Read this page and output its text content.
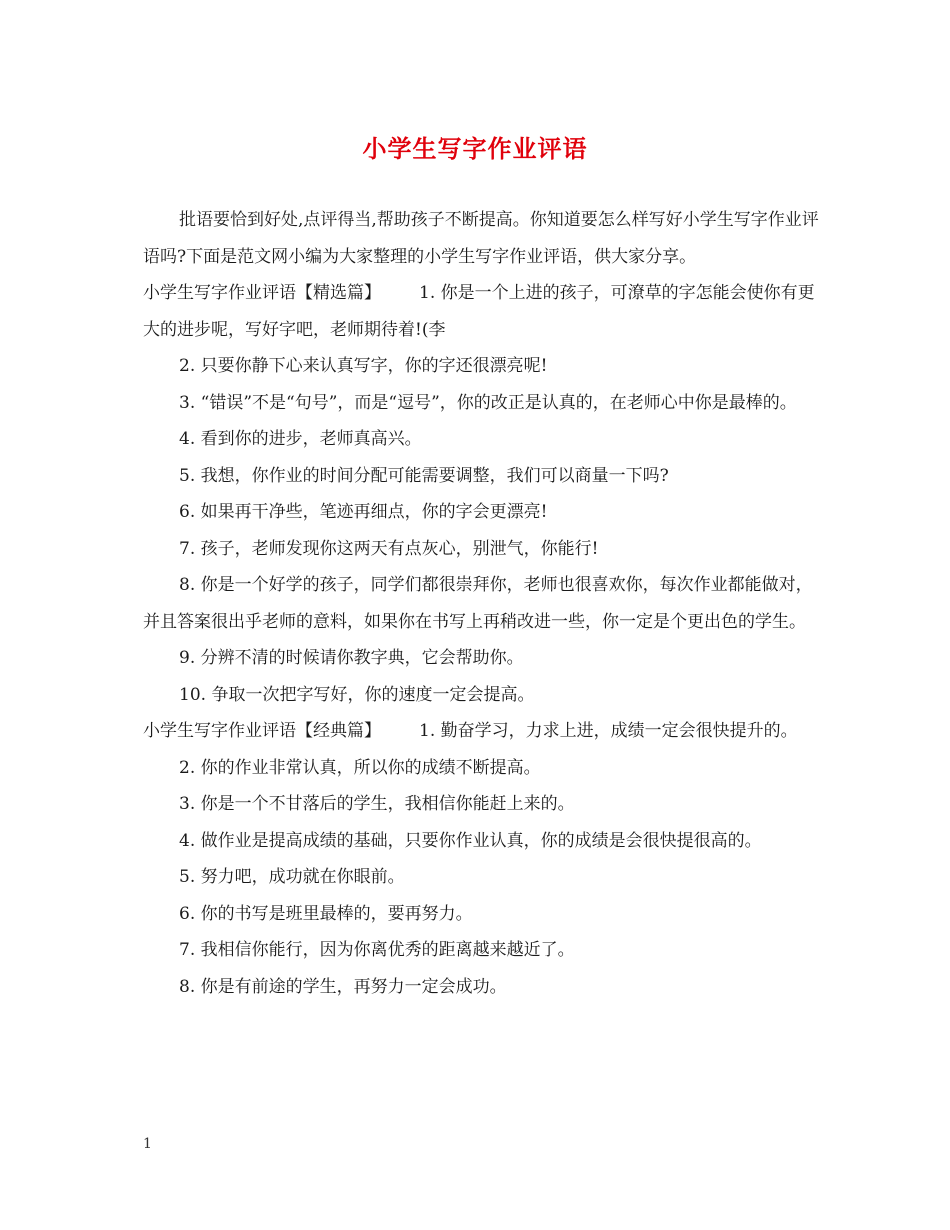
小学生写字作业评语

批语要恰到好处,点评得当,帮助孩子不断提高。你知道要怎么样写好小学生写字作业评语吗?下面是范文网小编为大家整理的小学生写字作业评语，供大家分享。

小学生写字作业评语【精选篇】 1. 你是一个上进的孩子，可潦草的字怎能会使你有更大的进步呢，写好字吧，老师期待着!(李

2. 只要你静下心来认真写字，你的字还很漂亮呢!

3. “错误”不是“句号”，而是“逗号”，你的改正是认真的，在老师心中你是最棒的。

4. 看到你的进步，老师真高兴。

5. 我想，你作业的时间分配可能需要调整，我们可以商量一下吗?

6. 如果再干净些，笔迹再细点，你的字会更漂亮!

7. 孩子，老师发现你这两天有点灰心，别泄气，你能行!

8. 你是一个好学的孩子，同学们都很崇拜你，老师也很喜欢你，每次作业都能做对，并且答案很出乎老师的意料，如果你在书写上再稍改进一些，你一定是个更出色的学生。

9. 分辨不清的时候请你教字典，它会帮助你。

10. 争取一次把字写好，你的速度一定会提高。

小学生写字作业评语【经典篇】 1. 勤奋学习，力求上进，成绩一定会很快提升的。

2. 你的作业非常认真，所以你的成绩不断提高。

3. 你是一个不甘落后的学生，我相信你能赶上来的。

4. 做作业是提高成绩的基础，只要你作业认真，你的成绩是会很快提很高的。

5. 努力吧，成功就在你眼前。

6. 你的书写是班里最棒的，要再努力。

7. 我相信你能行，因为你离优秀的距离越来越近了。

8. 你是有前途的学生，再努力一定会成功。

1
